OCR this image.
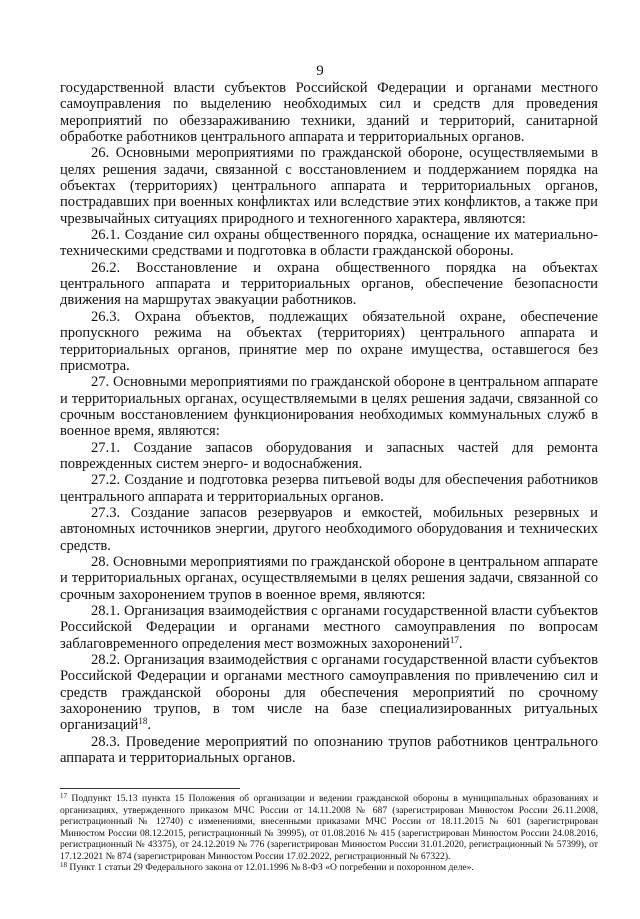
9

государственной власти субъектов Российской Федерации и органами местного самоуправления по выделению необходимых сил и средств для проведения мероприятий по обеззараживанию техники, зданий и территорий, санитарной обработке работников центрального аппарата и территориальных органов.

26. Основными мероприятиями по гражданской обороне, осуществляемыми в целях решения задачи, связанной с восстановлением и поддержанием порядка на объектах (территориях) центрального аппарата и территориальных органов, пострадавших при военных конфликтах или вследствие этих конфликтов, а также при чрезвычайных ситуациях природного и техногенного характера, являются:

26.1. Создание сил охраны общественного порядка, оснащение их материально-техническими средствами и подготовка в области гражданской обороны.

26.2. Восстановление и охрана общественного порядка на объектах центрального аппарата и территориальных органов, обеспечение безопасности движения на маршрутах эвакуации работников.

26.3. Охрана объектов, подлежащих обязательной охране, обеспечение пропускного режима на объектах (территориях) центрального аппарата и территориальных органов, принятие мер по охране имущества, оставшегося без присмотра.

27. Основными мероприятиями по гражданской обороне в центральном аппарате и территориальных органах, осуществляемыми в целях решения задачи, связанной со срочным восстановлением функционирования необходимых коммунальных служб в военное время, являются:

27.1. Создание запасов оборудования и запасных частей для ремонта поврежденных систем энерго- и водоснабжения.

27.2. Создание и подготовка резерва питьевой воды для обеспечения работников центрального аппарата и территориальных органов.

27.3. Создание запасов резервуаров и емкостей, мобильных резервных и автономных источников энергии, другого необходимого оборудования и технических средств.

28. Основными мероприятиями по гражданской обороне в центральном аппарате и территориальных органах, осуществляемыми в целях решения задачи, связанной со срочным захоронением трупов в военное время, являются:

28.1. Организация взаимодействия с органами государственной власти субъектов Российской Федерации и органами местного самоуправления по вопросам заблаговременного определения мест возможных захоронений$^{17}$.

28.2. Организация взаимодействия с органами государственной власти субъектов Российской Федерации и органами местного самоуправления по привлечению сил и средств гражданской обороны для обеспечения мероприятий по срочному захоронению трупов, в том числе на базе специализированных ритуальных организаций$^{18}$.

28.3. Проведение мероприятий по опознанию трупов работников центрального аппарата и территориальных органов.

$^{17}$ Подпункт 15.13 пункта 15 Положения об организации и ведении гражданской обороны в муниципальных образованиях и организациях, утвержденного приказом МЧС России от 14.11.2008 № 687 (зарегистрирован Минюстом России 26.11.2008, регистрационный № 12740) с изменениями, внесенными приказами МЧС России от 18.11.2015 № 601 (зарегистрирован Минюстом России 08.12.2015, регистрационный № 39995), от 01.08.2016 № 415 (зарегистрирован Минюстом России 24.08.2016, регистрационный № 43375), от 24.12.2019 № 776 (зарегистрирован Минюстом России 31.01.2020, регистрационный № 57399), от 17.12.2021 № 874 (зарегистрирован Минюстом России 17.02.2022, регистрационный № 67322).

$^{18}$ Пункт 1 статьи 29 Федерального закона от 12.01.1996 № 8-ФЗ «О погребении и похоронном деле».
